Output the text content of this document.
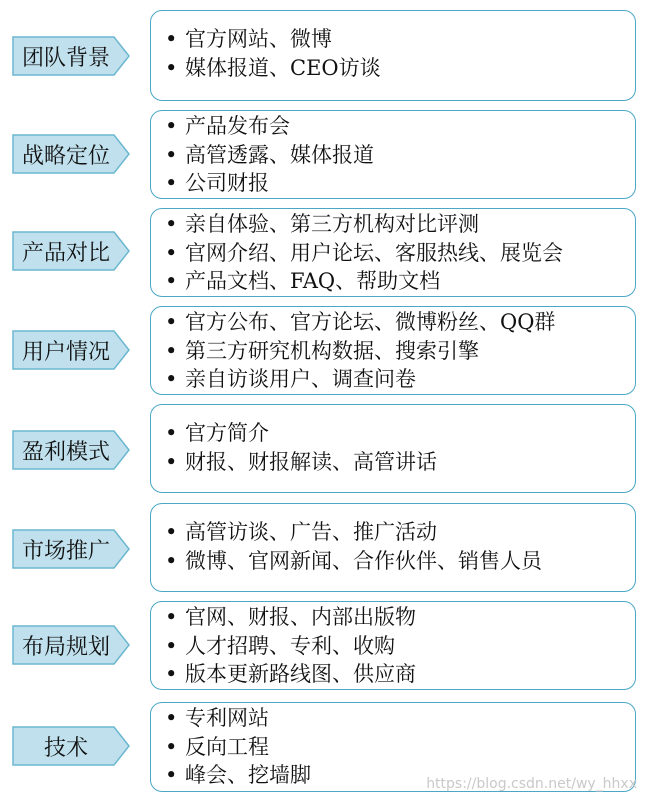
团队背景
• 官方网站、微博
• 媒体报道、CEO访谈
战略定位
• 产品发布会
• 高管透露、媒体报道
• 公司财报
产品对比
• 亲自体验、第三方机构对比评测
• 官网介绍、用户论坛、客服热线、展览会
• 产品文档、FAQ、帮助文档
用户情况
• 官方公布、官方论坛、微博粉丝、QQ群
• 第三方研究机构数据、搜索引擎
• 亲自访谈用户、调查问卷
盈利模式
• 官方简介
• 财报、财报解读、高管讲话
市场推广
• 高管访谈、广告、推广活动
• 微博、官网新闻、合作伙伴、销售人员
布局规划
• 官网、财报、内部出版物
• 人才招聘、专利、收购
• 版本更新路线图、供应商
技术
• 专利网站
• 反向工程
• 峰会、挖墙脚	https://blog.csdn.net/wy_hhxx
